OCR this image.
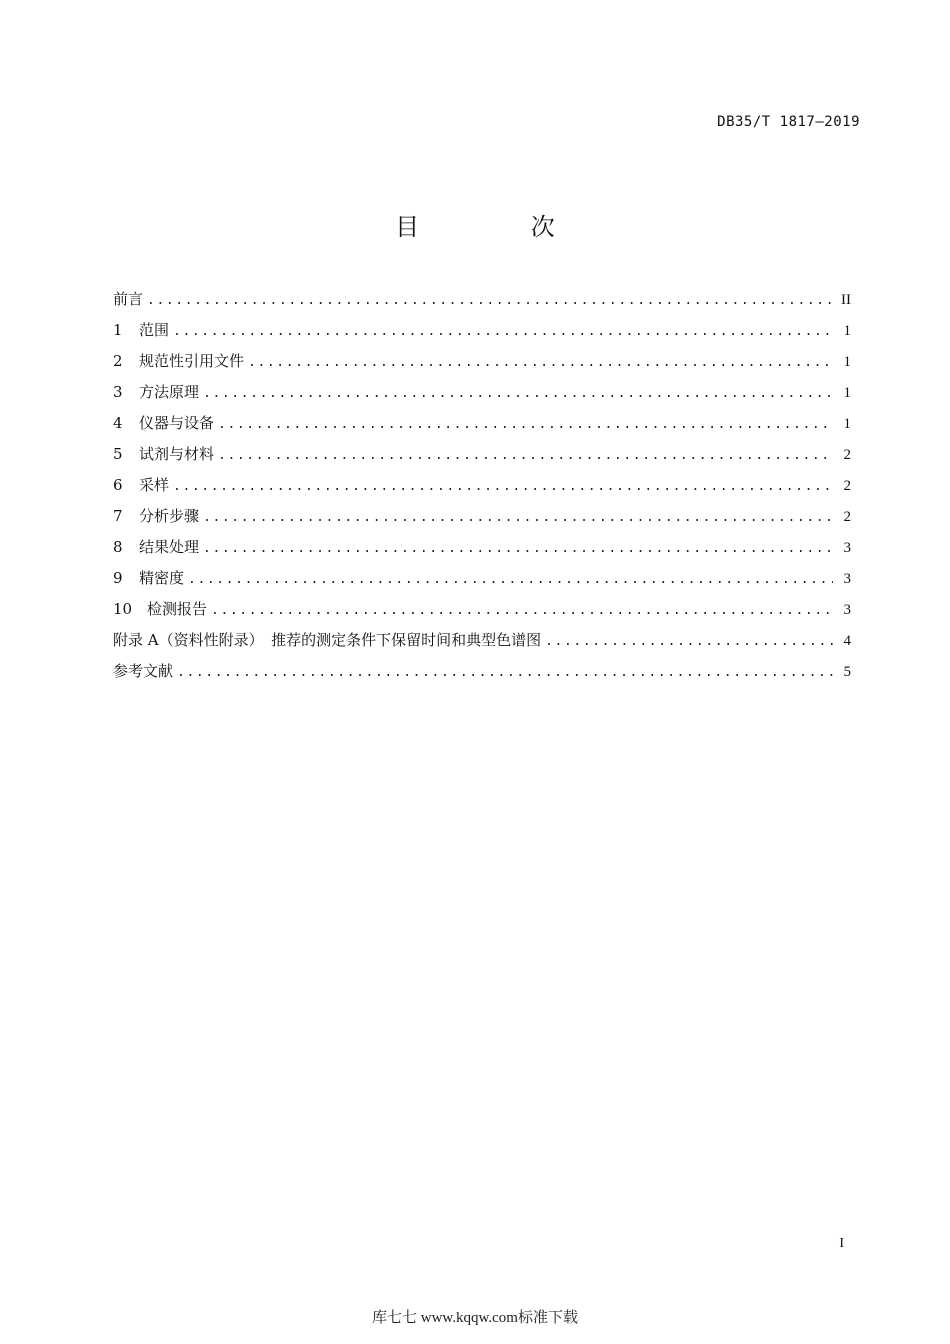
DB35/T 1817—2019
目 次
前言 .....	II
1	范围 .....	1
2	规范性引用文件 .....	1
3	方法原理 .....	1
4	仪器与设备 .....	1
5	试剂与材料 .....	2
6	采样 .....	2
7	分析步骤 .....	2
8	结果处理 .....	3
9	精密度 .....	3
10 检测报告 .....	3
附录 A（资料性附录）　推荐的测定条件下保留时间和典型色谱图 .....	4
参考文献 .....	5
I
库七七 www.kqqw.com标准下载
